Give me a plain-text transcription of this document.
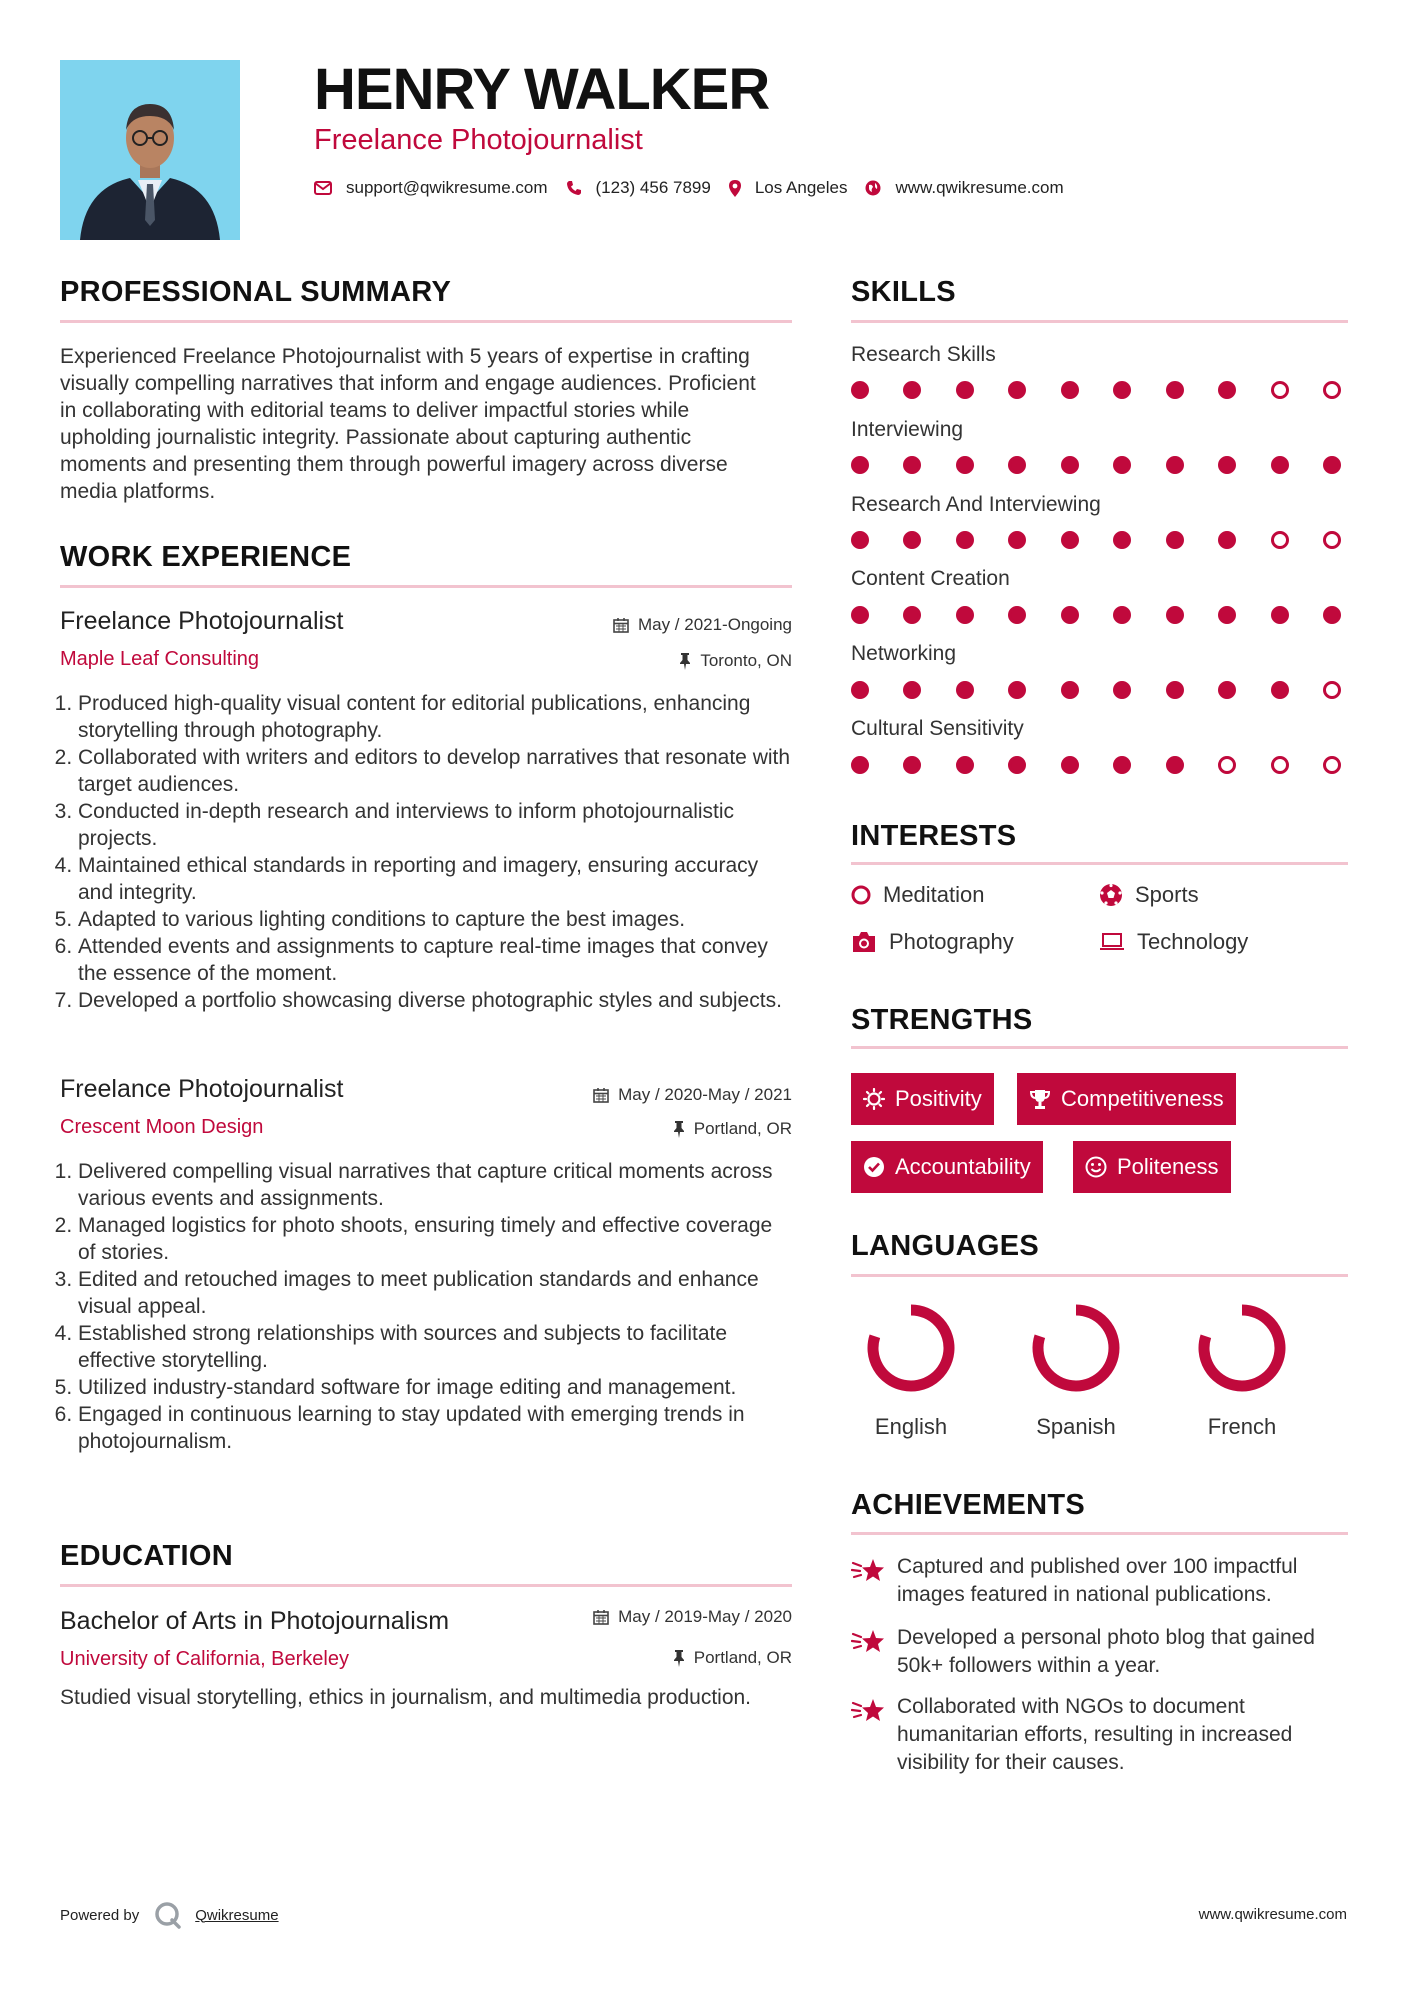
HENRY WALKER
Freelance Photojournalist
support@qwikresume.com	(123) 456 7899	Los Angeles	www.qwikresume.com
PROFESSIONAL SUMMARY
Experienced Freelance Photojournalist with 5 years of expertise in crafting visually compelling narratives that inform and engage audiences. Proficient in collaborating with editorial teams to deliver impactful stories while upholding journalistic integrity. Passionate about capturing authentic moments and presenting them through powerful imagery across diverse media platforms.
WORK EXPERIENCE
Freelance Photojournalist	May / 2021-Ongoing
Maple Leaf Consulting	Toronto, ON
1. Produced high-quality visual content for editorial publications, enhancing storytelling through photography.
2. Collaborated with writers and editors to develop narratives that resonate with target audiences.
3. Conducted in-depth research and interviews to inform photojournalistic projects.
4. Maintained ethical standards in reporting and imagery, ensuring accuracy and integrity.
5. Adapted to various lighting conditions to capture the best images.
6. Attended events and assignments to capture real-time images that convey the essence of the moment.
7. Developed a portfolio showcasing diverse photographic styles and subjects.
Freelance Photojournalist	May / 2020-May / 2021
Crescent Moon Design	Portland, OR
1. Delivered compelling visual narratives that capture critical moments across various events and assignments.
2. Managed logistics for photo shoots, ensuring timely and effective coverage of stories.
3. Edited and retouched images to meet publication standards and enhance visual appeal.
4. Established strong relationships with sources and subjects to facilitate effective storytelling.
5. Utilized industry-standard software for image editing and management.
6. Engaged in continuous learning to stay updated with emerging trends in photojournalism.
EDUCATION
Bachelor of Arts in Photojournalism	May / 2019-May / 2020
University of California, Berkeley	Portland, OR
Studied visual storytelling, ethics in journalism, and multimedia production.
SKILLS
Research Skills
Interviewing
Research And Interviewing
Content Creation
Networking
Cultural Sensitivity
INTERESTS
Meditation	Sports
Photography	Technology
STRENGTHS
Positivity	Competitiveness
Accountability	Politeness
LANGUAGES
English	Spanish	French
ACHIEVEMENTS
Captured and published over 100 impactful images featured in national publications.
Developed a personal photo blog that gained 50k+ followers within a year.
Collaborated with NGOs to document humanitarian efforts, resulting in increased visibility for their causes.
Powered by	Qwikresume	www.qwikresume.com
